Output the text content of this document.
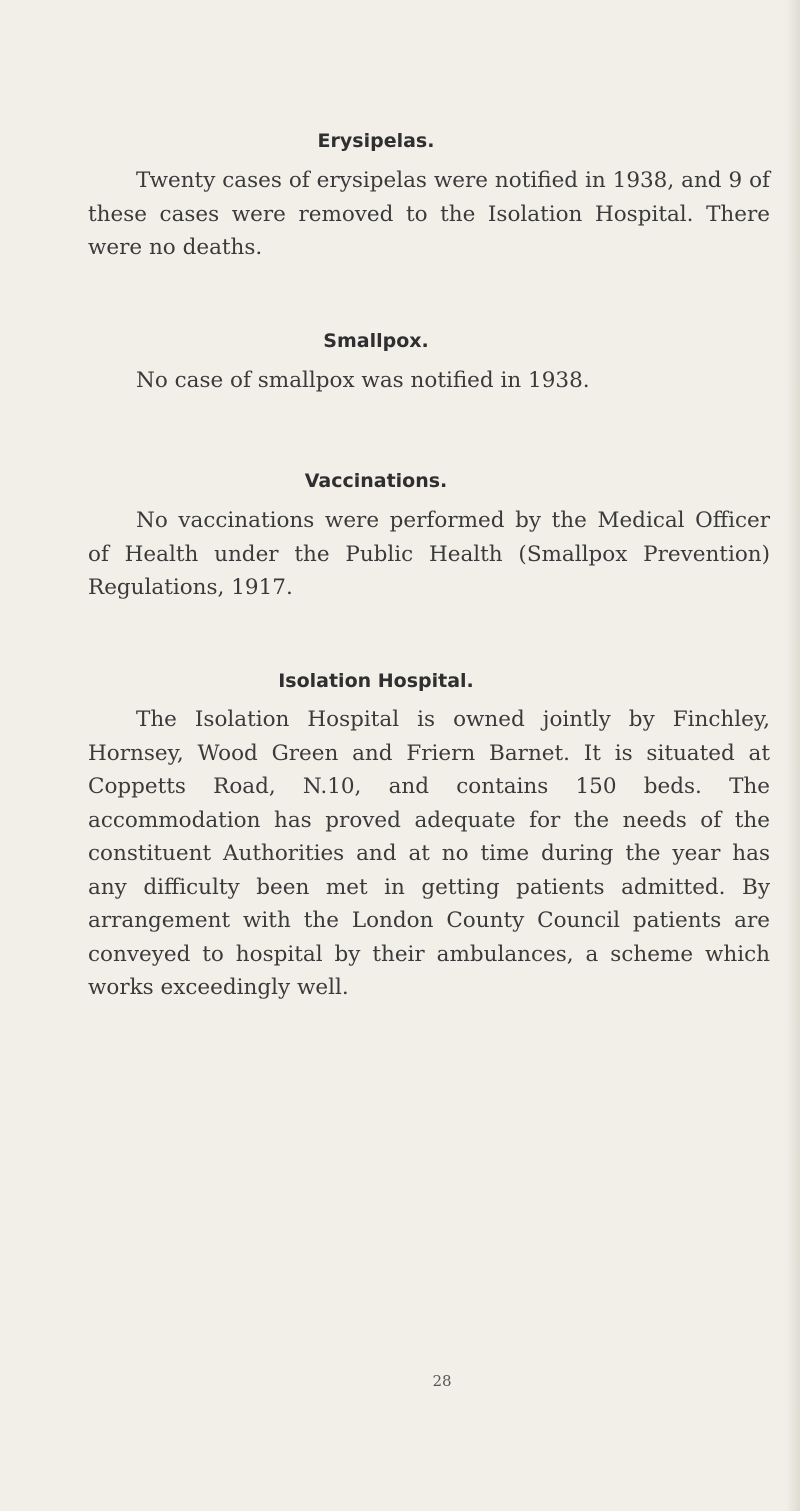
Erysipelas.

Twenty cases of erysipelas were notified in 1938, and 9 of these cases were removed to the Isolation Hospital. There were no deaths.

Smallpox.

No case of smallpox was notified in 1938.

Vaccinations.

No vaccinations were performed by the Medical Officer of Health under the Public Health (Smallpox Prevention) Regulations, 1917.

Isolation Hospital.

The Isolation Hospital is owned jointly by Finchley, Hornsey, Wood Green and Friern Barnet. It is situated at Coppetts Road, N.10, and contains 150 beds. The accommodation has proved adequate for the needs of the constituent Authorities and at no time during the year has any difficulty been met in getting patients admitted. By arrangement with the London County Council patients are conveyed to hospital by their ambulances, a scheme which works exceedingly well.

28
